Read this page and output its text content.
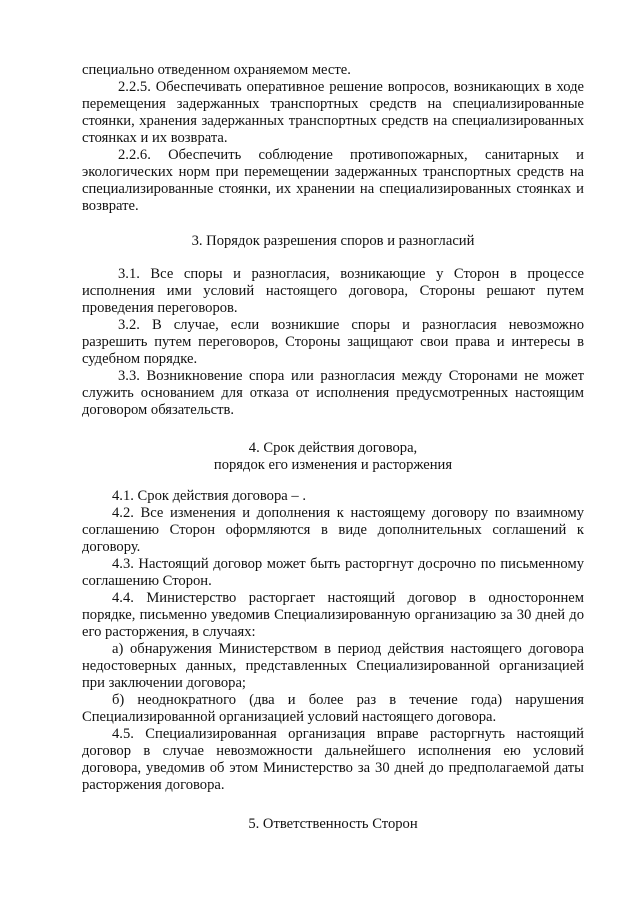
специально отведенном охраняемом месте.

2.2.5. Обеспечивать оперативное решение вопросов, возникающих в ходе перемещения задержанных транспортных средств на специализированные стоянки, хранения задержанных транспортных средств на специализированных стоянках и их возврата.

2.2.6. Обеспечить соблюдение противопожарных, санитарных и экологических норм при перемещении задержанных транспортных средств на специализированные стоянки, их хранении на специализированных стоянках и возврате.

3. Порядок разрешения споров и разногласий

3.1. Все споры и разногласия, возникающие у Сторон в процессе исполнения ими условий настоящего договора, Стороны решают путем проведения переговоров.

3.2. В случае, если возникшие споры и разногласия невозможно разрешить путем переговоров, Стороны защищают свои права и интересы в судебном порядке.

3.3. Возникновение спора или разногласия между Сторонами не может служить основанием для отказа от исполнения предусмотренных настоящим договором обязательств.

4. Срок действия договора,

порядок его изменения и расторжения

4.1. Срок действия договора – .

4.2. Все изменения и дополнения к настоящему договору по взаимному соглашению Сторон оформляются в виде дополнительных соглашений к договору.

4.3. Настоящий договор может быть расторгнут досрочно по письменному соглашению Сторон.

4.4. Министерство расторгает настоящий договор в одностороннем порядке, письменно уведомив Специализированную организацию за 30 дней до его расторжения, в случаях:

а) обнаружения Министерством в период действия настоящего договора недостоверных данных, представленных Специализированной организацией при заключении договора;

б) неоднократного (два и более раз в течение года) нарушения Специализированной организацией условий настоящего договора.

4.5. Специализированная организация вправе расторгнуть настоящий договор в случае невозможности дальнейшего исполнения ею условий договора, уведомив об этом Министерство за 30 дней до предполагаемой даты расторжения договора.

5. Ответственность Сторон
